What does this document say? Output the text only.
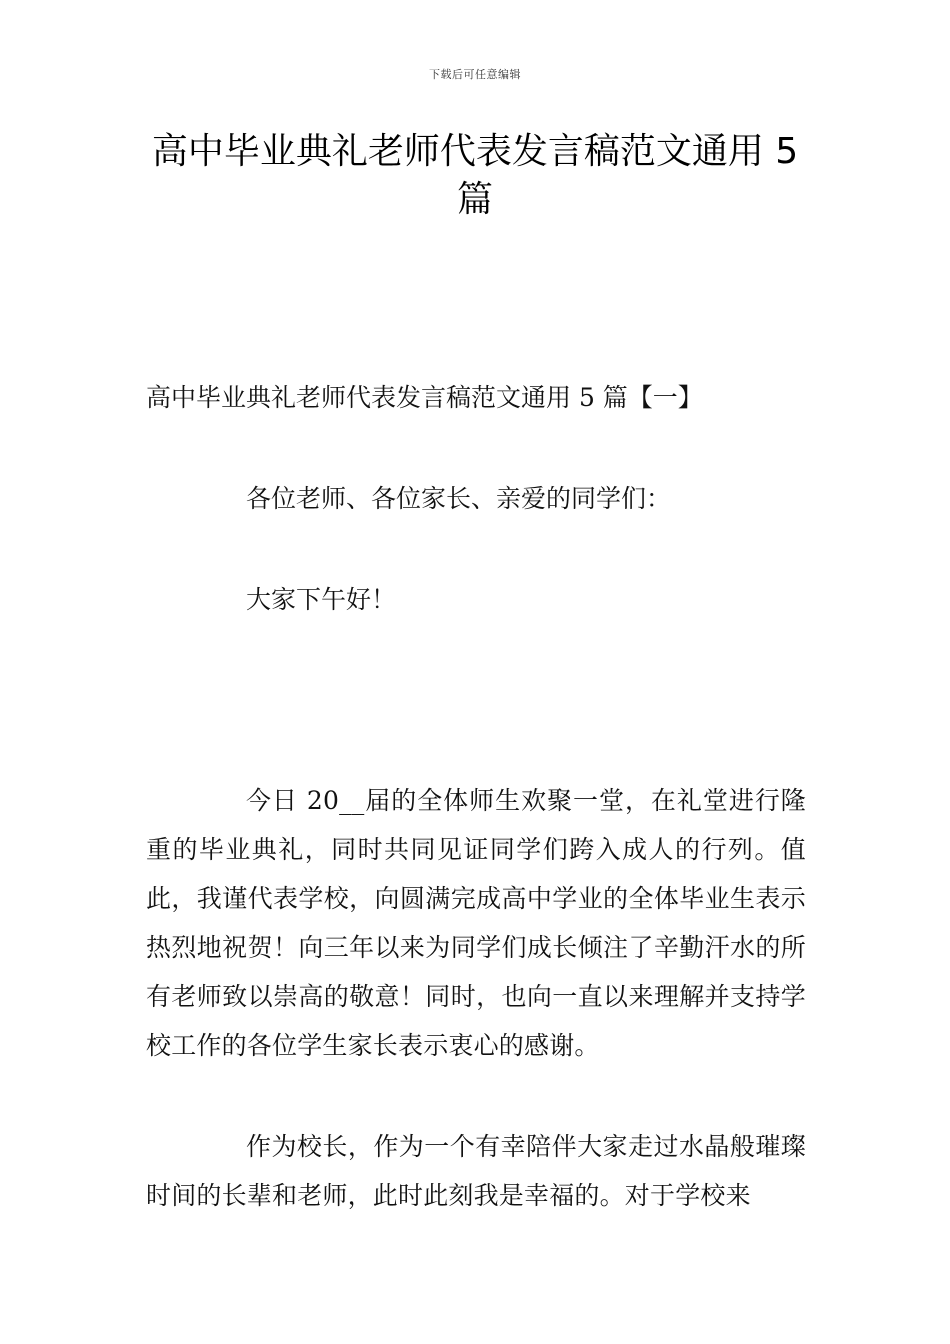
下载后可任意编辑
高中毕业典礼老师代表发言稿范文通用 5 篇
高中毕业典礼老师代表发言稿范文通用 5 篇【一】

各位老师、各位家长、亲爱的同学们：

大家下午好！

今日 20__届的全体师生欢聚一堂，在礼堂进行隆重的毕业典礼，同时共同见证同学们跨入成人的行列。值此，我谨代表学校，向圆满完成高中学业的全体毕业生表示热烈地祝贺！向三年以来为同学们成长倾注了辛勤汗水的所有老师致以崇高的敬意！同时，也向一直以来理解并支持学校工作的各位学生家长表示衷心的感谢。

作为校长，作为一个有幸陪伴大家走过水晶般璀璨时间的长辈和老师，此时此刻我是幸福的。对于学校来
